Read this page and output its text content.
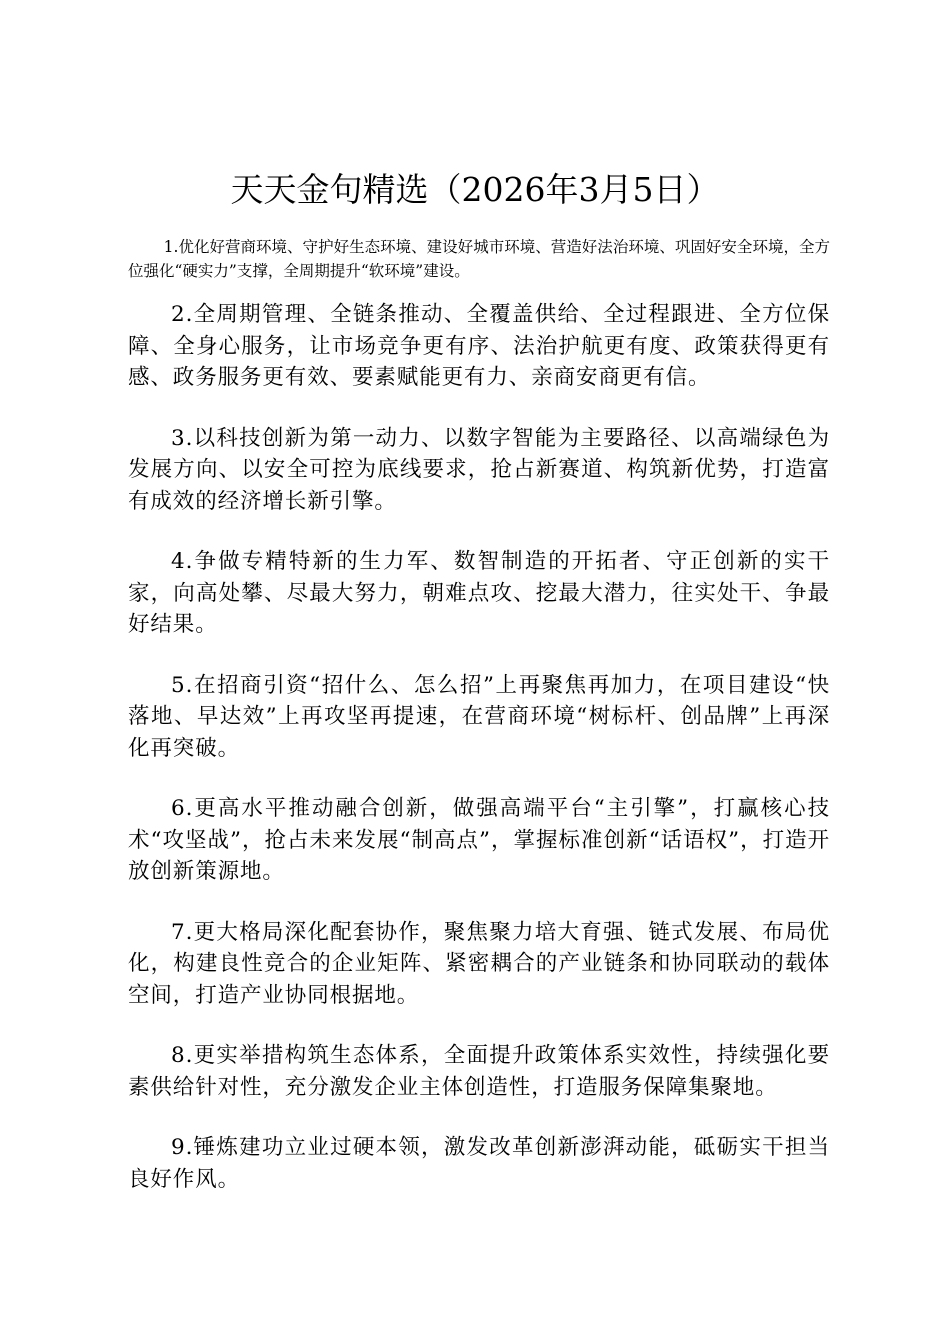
天天金句精选（2026年3月5日）

1.优化好营商环境、守护好生态环境、建设好城市环境、营造好法治环境、巩固好安全环境，全方位强化“硬实力”支撑，全周期提升“软环境”建设。

2.全周期管理、全链条推动、全覆盖供给、全过程跟进、全方位保障、全身心服务，让市场竞争更有序、法治护航更有度、政策获得更有感、政务服务更有效、要素赋能更有力、亲商安商更有信。

3.以科技创新为第一动力、以数字智能为主要路径、以高端绿色为发展方向、以安全可控为底线要求，抢占新赛道、构筑新优势，打造富有成效的经济增长新引擎。

4.争做专精特新的生力军、数智制造的开拓者、守正创新的实干家，向高处攀、尽最大努力，朝难点攻、挖最大潜力，往实处干、争最好结果。

5.在招商引资“招什么、怎么招”上再聚焦再加力，在项目建设“快落地、早达效”上再攻坚再提速，在营商环境“树标杆、创品牌”上再深化再突破。

6.更高水平推动融合创新，做强高端平台“主引擎”，打赢核心技术“攻坚战”，抢占未来发展“制高点”，掌握标准创新“话语权”，打造开放创新策源地。

7.更大格局深化配套协作，聚焦聚力培大育强、链式发展、布局优化，构建良性竞合的企业矩阵、紧密耦合的产业链条和协同联动的载体空间，打造产业协同根据地。

8.更实举措构筑生态体系，全面提升政策体系实效性，持续强化要素供给针对性，充分激发企业主体创造性，打造服务保障集聚地。

9.锤炼建功立业过硬本领，激发改革创新澎湃动能，砥砺实干担当良好作风。
